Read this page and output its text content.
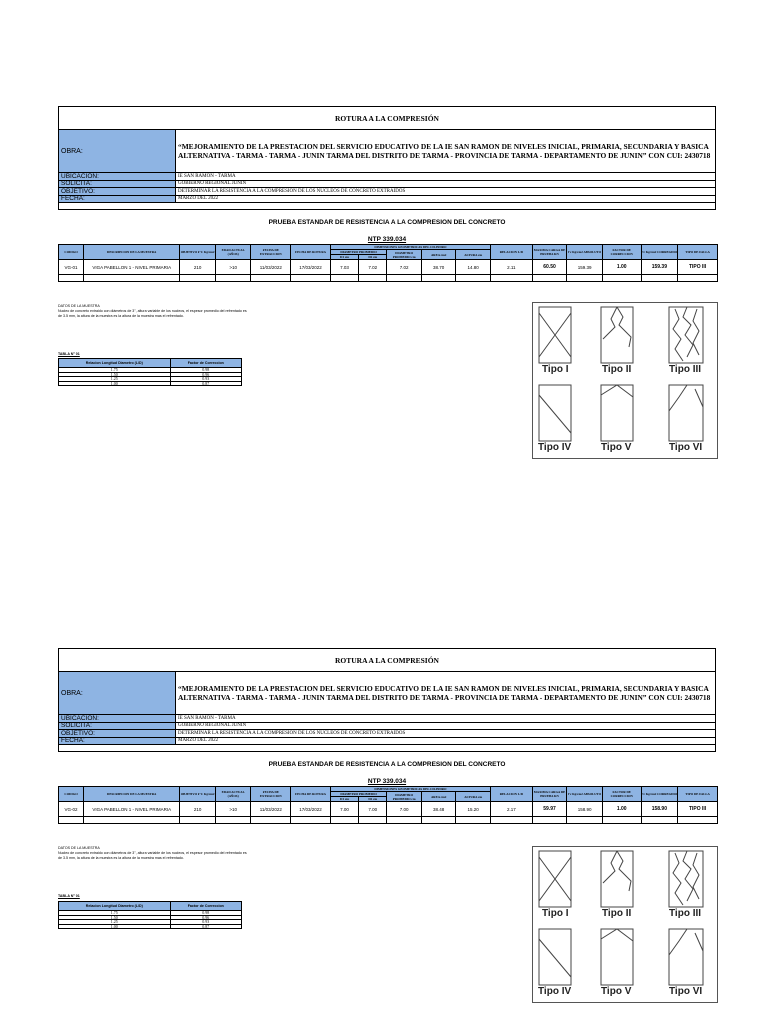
ROTURA A LA COMPRESIÓN
OBRA:	“MEJORAMIENTO DE LA PRESTACION DEL SERVICIO EDUCATIVO DE LA IE SAN RAMON DE NIVELES INICIAL, PRIMARIA, SECUNDARIA Y BASICA ALTERNATIVA - TARMA - TARMA - JUNIN TARMA DEL DISTRITO DE TARMA - PROVINCIA DE TARMA - DEPARTAMENTO DE JUNIN” CON CUI: 2430718
UBICACION:	IE SAN RAMON - TARMA
SOLICITA:	GOBIERNO REGIONAL JUNIN
OBJETIVO:	DETERMINAR LA RESISTENCIA A LA COMPRESION DE LOS NUCLEOS DE CONCRETO EXTRAIDOS
FECHA:	MARZO DEL 2022
PRUEBA ESTANDAR DE RESISTENCIA A LA COMPRESION DEL CONCRETO
NTP 339.034
CODIGO	DESCRIPCION DE LA MUESTRA	OBJETIVO F'C Kg/cm2	EDAD ACTUAL (AÑOS)	FECHA DE EXTRACCION	FECHA DE ROTURA	DIMENSIONES GEOMETRICAS DEL CILINDRO					RELACION L/D	MAXIMA CARGA DE PRUEBA KN	f'c Kg/cm2 ABSOLUTO	FACTOR DE CORRECCION	f'c Kg/cm2 CORREGIDO	TIPO DE FALLA
						DIAMETRO PROMEDIO		DIAMETRO PROMEDIO cm	AREA cm2	ALTURA cm						
						D1 cm	D2 cm									
VG-01	VIGA PABELLON 1 - NIVEL PRIMARIA	210	>10	11/03/2022	17/03/2022	7.03	7.02	7.02	38.70	14.80	2.11	60.50	159.39	1.00	159.39	TIPO III

DATOS DE LA MUESTRA
Nucleo de concreto extraido con diámetros de 3", altura variable de los nucleos, el espesor promedio del refrentado es de 3.5 mm, la altura de la muestra es la altura de la muestra mas el refrentado.
TABLA N° 01
Relacion Longitud Diametro (L/D)	Factor de Correccion
1.75	0.98
1.50	0.96
1.25	0.93
1.00	0.87
Tipo I	Tipo II	Tipo III
Tipo IV	Tipo V	Tipo VI
ROTURA A LA COMPRESIÓN
OBRA:	“MEJORAMIENTO DE LA PRESTACION DEL SERVICIO EDUCATIVO DE LA IE SAN RAMON DE NIVELES INICIAL, PRIMARIA, SECUNDARIA Y BASICA ALTERNATIVA - TARMA - TARMA - JUNIN TARMA DEL DISTRITO DE TARMA - PROVINCIA DE TARMA - DEPARTAMENTO DE JUNIN” CON CUI: 2430718
UBICACION:	IE SAN RAMON - TARMA
SOLICITA:	GOBIERNO REGIONAL JUNIN
OBJETIVO:	DETERMINAR LA RESISTENCIA A LA COMPRESION DE LOS NUCLEOS DE CONCRETO EXTRAIDOS
FECHA:	MARZO DEL 2022
PRUEBA ESTANDAR DE RESISTENCIA A LA COMPRESION DEL CONCRETO
NTP 339.034
CODIGO	DESCRIPCION DE LA MUESTRA	OBJETIVO F'C Kg/cm2	EDAD ACTUAL (AÑOS)	FECHA DE EXTRACCION	FECHA DE ROTURA	DIMENSIONES GEOMETRICAS DEL CILINDRO					RELACION L/D	MAXIMA CARGA DE PRUEBA KN	f'c Kg/cm2 ABSOLUTO	FACTOR DE CORRECCION	f'c Kg/cm2 CORREGIDO	TIPO DE FALLA
						DIAMETRO PROMEDIO		DIAMETRO PROMEDIO cm	AREA cm2	ALTURA cm						
						D1 cm	D2 cm									
VG-02	VIGA PABELLON 1 - NIVEL PRIMARIA	210	>10	11/03/2022	17/03/2022	7.00	7.00	7.00	38.48	15.20	2.17	59.97	158.90	1.00	158.90	TIPO III

DATOS DE LA MUESTRA
Nucleo de concreto extraido con diámetros de 3", altura variable de los nucleos, el espesor promedio del refrentado es de 3.5 mm, la altura de la muestra es la altura de la muestra mas el refrentado.
TABLA N° 01
Relacion Longitud Diametro (L/D)	Factor de Correccion
1.75	0.98
1.50	0.96
1.25	0.93
1.00	0.87
Tipo I	Tipo II	Tipo III
Tipo IV	Tipo V	Tipo VI
